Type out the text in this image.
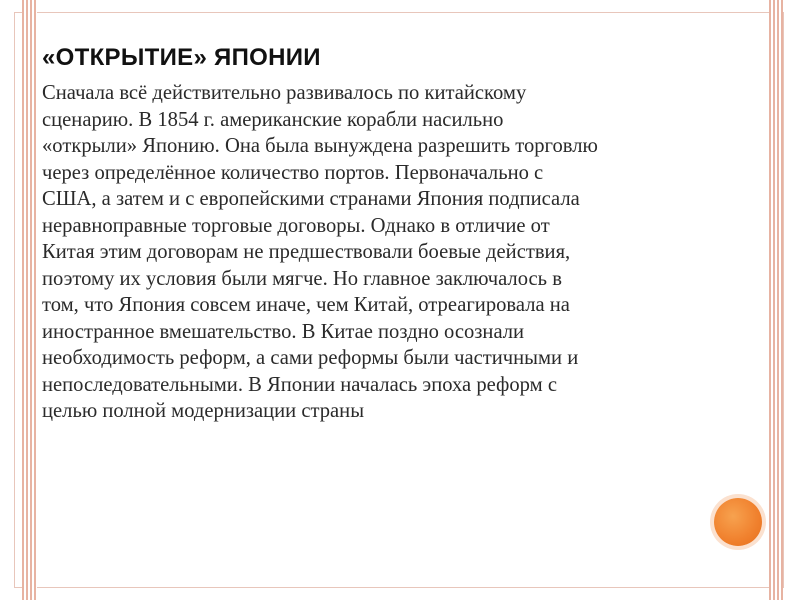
«ОТКРЫТИЕ» ЯПОНИИ

Сначала всё действительно развивалось по китайскому
сценарию. В 1854 г. американские корабли насильно
«открыли» Японию. Она была вынуждена разрешить торговлю
через определённое количество портов. Первоначально с
США, а затем и с европейскими странами Япония подписала
неравноправные торговые договоры. Однако в отличие от
Китая этим договорам не предшествовали боевые действия,
поэтому их условия были мягче. Но главное заключалось в
том, что Япония совсем иначе, чем Китай, отреагировала на
иностранное вмешательство. В Китае поздно осознали
необходимость реформ, а сами реформы были частичными и
непоследовательными. В Японии началась эпоха реформ с
целью полной модернизации страны
